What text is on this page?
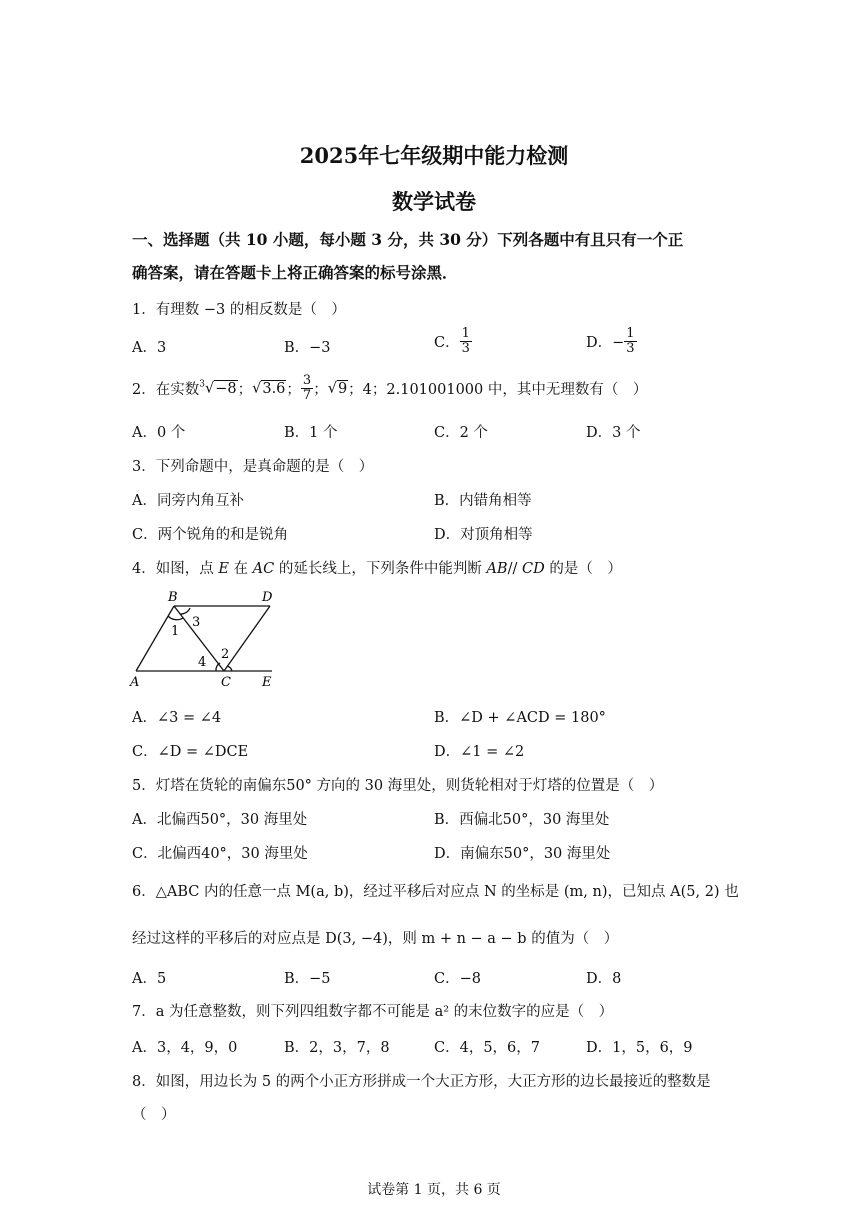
2025年七年级期中能力检测
数学试卷
一、选择题（共 10 小题，每小题 3 分，共 30 分）下列各题中有且只有一个正
确答案，请在答题卡上将正确答案的标号涂黑．
1．有理数 −3 的相反数是（　）
A．3	B．−3	C． $\frac{1}{3}$	D．− $\frac{1}{3}$
2．在实数$^3$√−8；√3.6； $\frac{3}{7}$ ；√9；4；2.101001000 中，其中无理数有（　）
A．0 个	B．1 个	C．2 个	D．3 个
3．下列命题中，是真命题的是（　）
A．同旁内角互补	B．内错角相等
C．两个锐角的和是锐角	D．对顶角相等
4．如图，点 E 在 AC 的延长线上，下列条件中能判断 AB// CD 的是（　）
B	D
A	C E
1
2
3
4
A．∠3 = ∠4	B．∠D + ∠ACD = 180°
C．∠D = ∠DCE	D．∠1 = ∠2
5．灯塔在货轮的南偏东50° 方向的 30 海里处，则货轮相对于灯塔的位置是（　）
A．北偏西50°，30 海里处	B．西偏北50°，30 海里处
C．北偏西40°，30 海里处	D．南偏东50°，30 海里处
6．△ABC 内的任意一点 M(a, b)，经过平移后对应点 N 的坐标是 (m, n)，已知点 A(5, 2) 也
经过这样的平移后的对应点是 D(3, −4)，则 m + n − a − b 的值为（　）
A．5	B．−5	C．−8	D．8
7．a 为任意整数，则下列四组数字都不可能是 a² 的末位数字的应是（　）
A．3，4，9，0	B．2，3，7，8	C．4，5，6，7	D．1，5，6，9
8．如图，用边长为 5 的两个小正方形拼成一个大正方形，大正方形的边长最接近的整数是
（　）
试卷第 1 页，共 6 页
